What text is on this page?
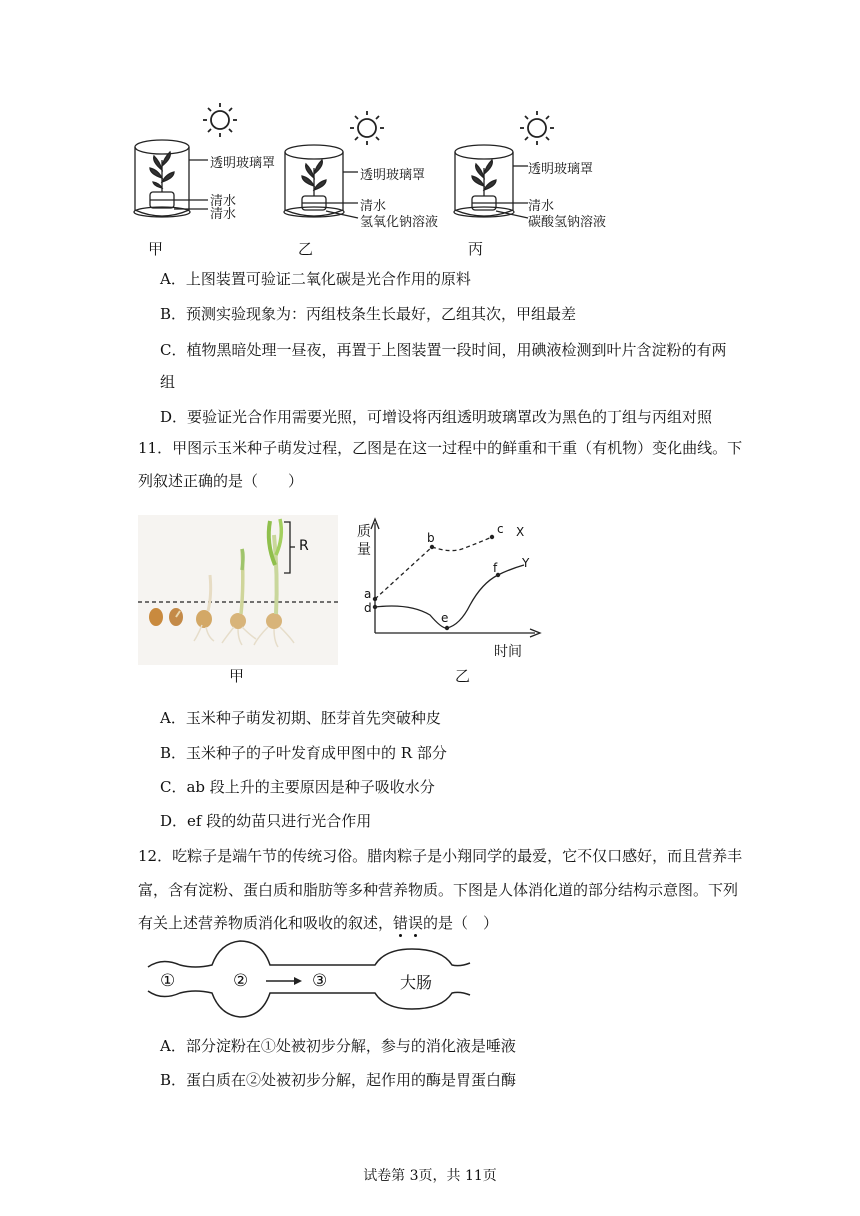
透明玻璃罩
清水
清水
甲
透明玻璃罩
清水
氢氧化钠溶液
乙
透明玻璃罩
清水
碳酸氢钠溶液
丙
A．上图装置可验证二氧化碳是光合作用的原料
B．预测实验现象为：丙组枝条生长最好，乙组其次，甲组最差
C．植物黑暗处理一昼夜，再置于上图装置一段时间，用碘液检测到叶片含淀粉的有两
组
D．要验证光合作用需要光照，可增设将丙组透明玻璃罩改为黑色的丁组与丙组对照
11．甲图示玉米种子萌发过程，乙图是在这一过程中的鲜重和干重（有机物）变化曲线。下
列叙述正确的是（　　）
R
甲
质
量
a
d
b
c X
e
f Y
时间
乙
A．玉米种子萌发初期、胚芽首先突破种皮
B．玉米种子的子叶发育成甲图中的 R 部分
C．ab 段上升的主要原因是种子吸收水分
D．ef 段的幼苗只进行光合作用
12．吃粽子是端午节的传统习俗。腊肉粽子是小翔同学的最爱，它不仅口感好，而且营养丰
富，含有淀粉、蛋白质和脂肪等多种营养物质。下图是人体消化道的部分结构示意图。下列
有关上述营养物质消化和吸收的叙述，错误的是（　）
①	②	③	大肠
A．部分淀粉在①处被初步分解，参与的消化液是唾液
B．蛋白质在②处被初步分解，起作用的酶是胃蛋白酶
试卷第 3页，共 11页
